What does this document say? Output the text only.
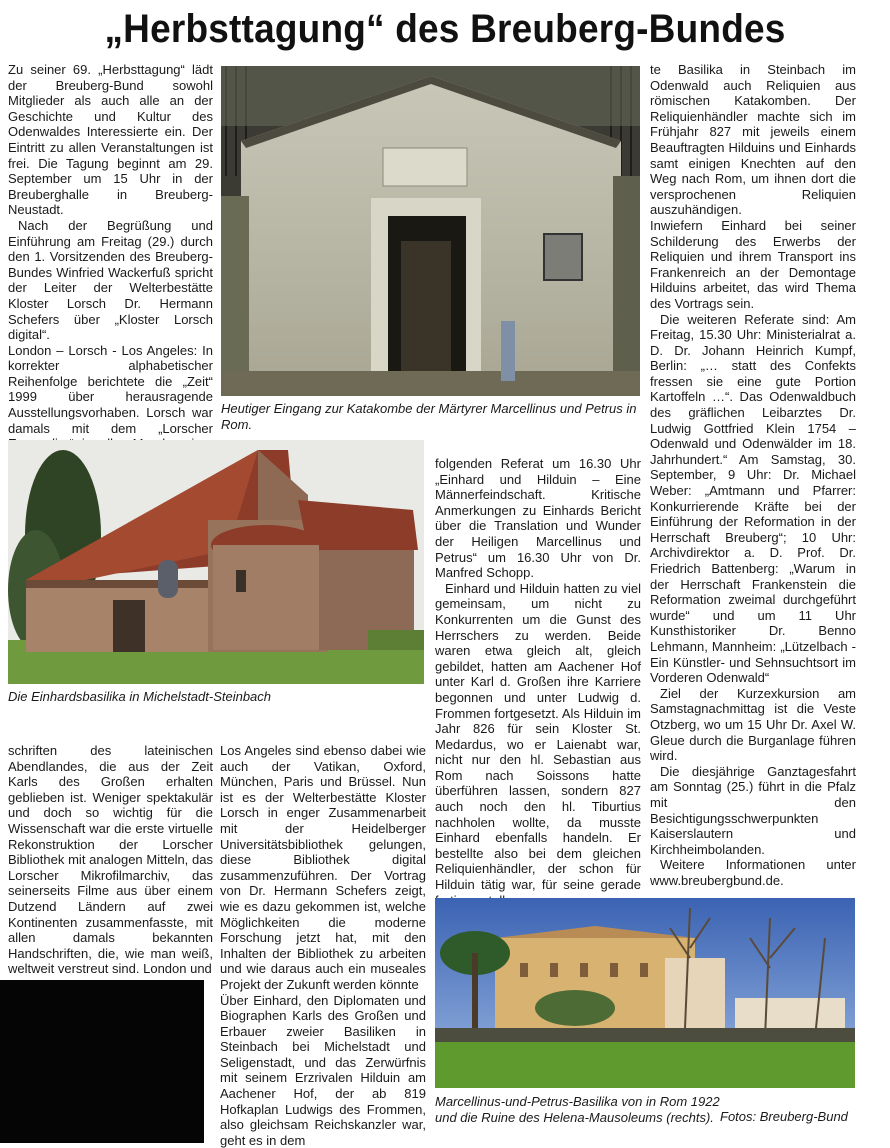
„Herbsttagung“ des Breuberg-Bundes

Zu seiner 69. „Herbsttagung“ lädt der Breuberg-Bund sowohl Mitglieder als auch alle an der Geschichte und Kultur des Odenwaldes Interessierte ein. Der Eintritt zu allen Veranstaltungen ist frei. Die Tagung beginnt am 29. September um 15 Uhr in der Breuberghalle in Breuberg-Neustadt.

Nach der Begrüßung und Einführung am Freitag (29.) durch den 1. Vorsitzenden des Breuberg-Bundes Winfried Wackerfuß spricht der Leiter der Welterbestätte Kloster Lorsch Dr. Hermann Schefers über „Kloster Lorsch digital“.

London – Lorsch - Los Angeles: In korrekter alphabetischer Reihenfolge berichtete die „Zeit“ 1999 über herausragende Ausstellungsvorhaben. Lorsch war damals mit dem „Lorscher

Heutiger Eingang zur Katakombe der Märtyrer Marcellinus und Petrus in Rom.
Die Einhardsbasilika in Michelstadt-Steinbach

schriften des lateinischen Abendlandes, die aus der Zeit Karls des Großen erhalten geblieben ist. Weniger spektakulär und doch so wichtig für die Wissenschaft war die erste virtuelle Rekonstruktion der Lorscher Bibliothek mit analogen Mitteln, das Lorscher Mikrofilmarchiv, das seinerseits Filme aus über einem Dutzend Ländern auf zwei Kontinenten zusammenfasste, mit allen damals bekannten Handschriften, die, wie man weiß, weltweit verstreut sind. London und

Los Angeles sind ebenso dabei wie auch der Vatikan, Oxford, München, Paris und Brüssel. Nun ist es der Welterbestätte Kloster Lorsch in enger Zusammenarbeit mit der Heidelberger Universitätsbibliothek gelungen, diese Bibliothek digital zusammenzuführen. Der Vortrag von Dr. Hermann Schefers zeigt, wie es dazu gekommen ist, welche Möglichkeiten die moderne Forschung jetzt hat, mit den Inhalten der Bibliothek zu arbeiten und wie daraus auch ein museales Projekt der Zukunft werden könnte

Über Einhard, den Diplomaten und Biographen Karls des Großen und Erbauer zweier Basiliken in Steinbach bei Michelstadt und Seligenstadt, und das Zerwürfnis mit seinem Erzrivalen Hilduin am Aachener Hof, der ab 819 Hofkaplan Ludwigs des Frommen, also gleichsam Reichskanzler war, geht es in dem

folgenden Referat um 16.30 Uhr „Einhard und Hilduin – Eine Männerfeindschaft. Kritische Anmerkungen zu Einhards Bericht über die Translation und Wunder der Heiligen Marcellinus und Petrus“ um 16.30 Uhr von Dr. Manfred Schopp.

Einhard und Hilduin hatten zu viel gemeinsam, um nicht zu Konkurrenten um die Gunst des Herrschers zu werden. Beide waren etwa gleich alt, gleich gebildet, hatten am Aachener Hof unter Karl d. Großen ihre Karriere begonnen und unter Ludwig d. Frommen fortgesetzt. Als Hilduin im Jahr 826 für sein Kloster St. Medardus, wo er Laienabt war, nicht nur den hl. Sebastian aus Rom nach Soissons hatte überführen lassen, sondern 827 auch noch den hl. Tiburtius nachholen wollte, da musste Einhard ebenfalls handeln. Er bestellte also bei dem gleichen Reliquienhändler, der schon für Hilduin tätig war, für seine gerade

te Basilika in Steinbach im Odenwald auch Reliquien aus römischen Katakomben. Der Reliquienhändler machte sich im Frühjahr 827 mit jeweils einem Beauftragten Hilduins und Einhards samt einigen Knechten auf den Weg nach Rom, um ihnen dort die versprochenen Reliquien auszuhändigen.

Inwiefern Einhard bei seiner Schilderung des Erwerbs der Reliquien und ihrem Transport ins Frankenreich an der Demontage Hilduins arbeitet, das wird Thema des Vortrags sein.

Die weiteren Referate sind: Am Freitag, 15.30 Uhr: Ministerialrat a. D. Dr. Johann Heinrich Kumpf, Berlin: „… statt des Confekts fressen sie eine gute Portion Kartoffeln …“. Das Odenwaldbuch des gräflichen Leibarztes Dr. Ludwig Gottfried Klein 1754 – Odenwald und Odenwälder im 18. Jahrhundert.“ Am Samstag, 30. September, 9 Uhr: Dr. Michael Weber: „Amtmann und Pfarrer: Konkurrierende Kräfte bei der Einführung der Reformation in der Herrschaft Breuberg“; 10 Uhr: Archivdirektor a. D. Prof. Dr. Friedrich Battenberg: „Warum in der Herrschaft Frankenstein die Reformation zweimal durchgeführt wurde“ und um 11 Uhr Kunsthistoriker Dr. Benno Lehmann, Mannheim: „Lützelbach - Ein Künstler- und Sehnsuchtsort im Vorderen Odenwald“

Ziel der Kurzexkursion am Samstagnachmittag ist die Veste Otzberg, wo um 15 Uhr Dr. Axel W. Gleue durch die Burganlage führen wird.

Die diesjährige Ganztagesfahrt am Sonntag (25.) führt in die Pfalz mit den Besichtigungsschwerpunkten Kaiserslautern und Kirchheimbolanden.

Weitere Informationen unter www.breubergbund.de.

Marcellinus-und-Petrus-Basilika von in Rom 1922 und die Ruine des Helena-Mausoleums (rechts). Fotos: Breuberg-Bund
